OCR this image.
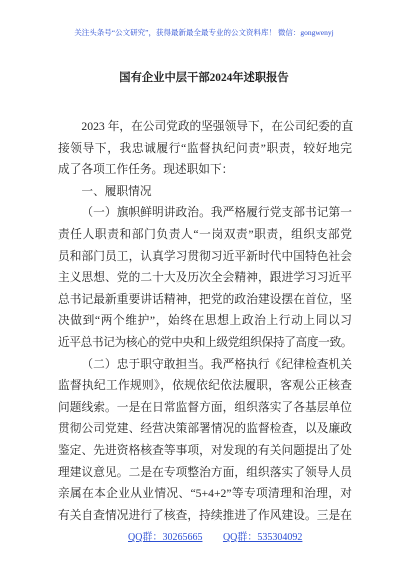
关注头条号“公文研究”，获得最新最全最专业的公文资料库！ 微信：gongwenyj
国有企业中层干部2024年述职报告
2023 年，在公司党政的坚强领导下，在公司纪委的直
接领导下，我忠诚履行“监督执纪问责”职责，较好地完
成了各项工作任务。现述职如下：
一、履职情况
（一）旗帜鲜明讲政治。我严格履行党支部书记第一
责任人职责和部门负责人“一岗双责”职责，组织支部党
员和部门员工，认真学习贯彻习近平新时代中国特色社会
主义思想、党的二十大及历次全会精神，跟进学习习近平
总书记最新重要讲话精神，把党的政治建设摆在首位，坚
决做到“两个维护”，始终在思想上政治上行动上同以习
近平总书记为核心的党中央和上级党组织保持了高度一致。
（二）忠于职守敢担当。我严格执行《纪律检查机关
监督执纪工作规则》，依规依纪依法履职，客观公正核查
问题线索。一是在日常监督方面，组织落实了各基层单位
贯彻公司党建、经营决策部署情况的监督检查，以及廉政
鉴定、先进资格核查等事项，对发现的有关问题提出了处
理建议意见。二是在专项整治方面，组织落实了领导人员
亲属在本企业从业情况、“5+4+2”等专项清理和治理，对
有关自查情况进行了核查，持续推进了作风建设。三是在
QQ群：30265665 QQ群：535304092
